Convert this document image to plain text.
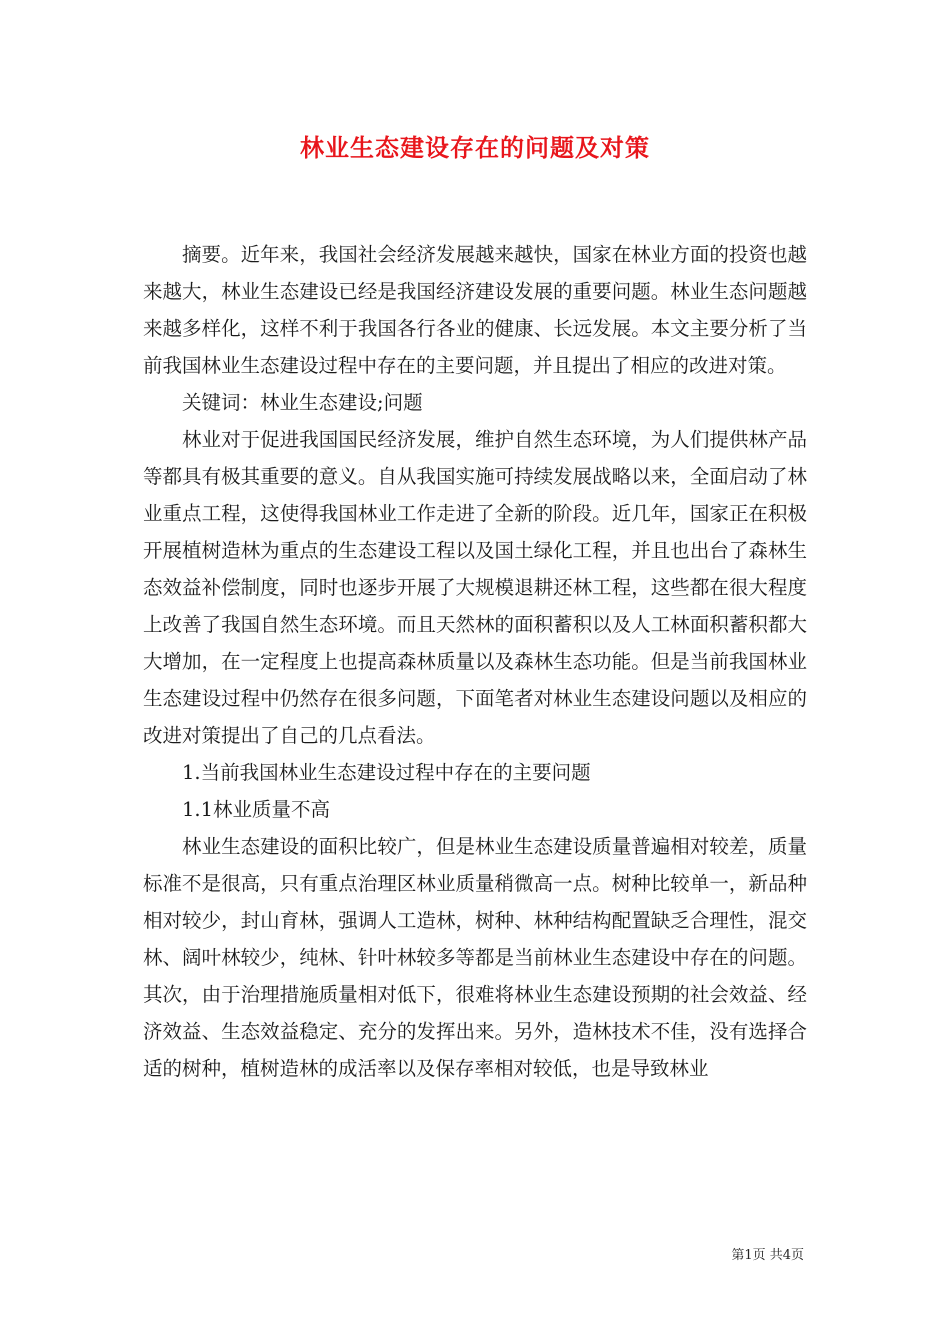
林业生态建设存在的问题及对策

摘要。近年来，我国社会经济发展越来越快，国家在林业方面的投资也越来越大，林业生态建设已经是我国经济建设发展的重要问题。林业生态问题越来越多样化，这样不利于我国各行各业的健康、长远发展。本文主要分析了当前我国林业生态建设过程中存在的主要问题，并且提出了相应的改进对策。

关键词：林业生态建设;问题

林业对于促进我国国民经济发展，维护自然生态环境，为人们提供林产品等都具有极其重要的意义。自从我国实施可持续发展战略以来，全面启动了林业重点工程，这使得我国林业工作走进了全新的阶段。近几年，国家正在积极开展植树造林为重点的生态建设工程以及国土绿化工程，并且也出台了森林生态效益补偿制度，同时也逐步开展了大规模退耕还林工程，这些都在很大程度上改善了我国自然生态环境。而且天然林的面积蓄积以及人工林面积蓄积都大大增加，在一定程度上也提高森林质量以及森林生态功能。但是当前我国林业生态建设过程中仍然存在很多问题，下面笔者对林业生态建设问题以及相应的改进对策提出了自己的几点看法。

1.当前我国林业生态建设过程中存在的主要问题

1.1林业质量不高

林业生态建设的面积比较广，但是林业生态建设质量普遍相对较差，质量标准不是很高，只有重点治理区林业质量稍微高一点。树种比较单一，新品种相对较少，封山育林，强调人工造林，树种、林种结构配置缺乏合理性，混交林、阔叶林较少，纯林、针叶林较多等都是当前林业生态建设中存在的问题。其次，由于治理措施质量相对低下，很难将林业生态建设预期的社会效益、经济效益、生态效益稳定、充分的发挥出来。另外，造林技术不佳，没有选择合适的树种，植树造林的成活率以及保存率相对较低，也是导致林业

第1页 共4页
